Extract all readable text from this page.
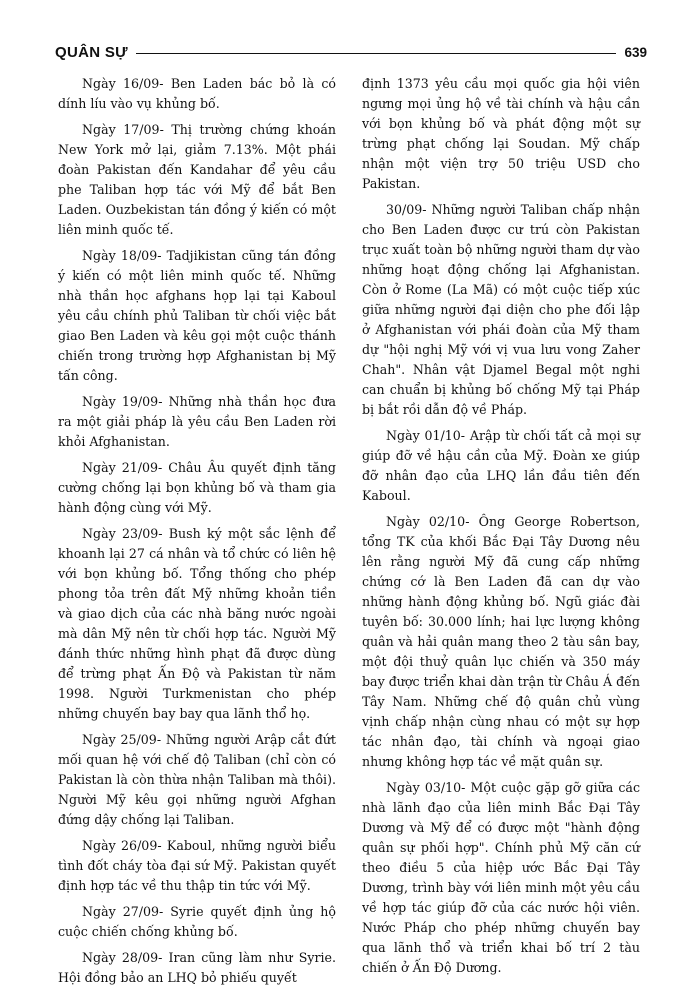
QUÂN SỰ	639

Ngày 16/09- Ben Laden bác bỏ là có dính líu vào vụ khủng bố.

Ngày 17/09- Thị trường chứng khoán New York mở lại, giảm 7.13%. Một phái đoàn Pakistan đến Kandahar để yêu cầu phe Taliban hợp tác với Mỹ để bắt Ben Laden. Ouzbekistan tán đồng ý kiến có một liên minh quốc tế.

Ngày 18/09- Tadjikistan cũng tán đồng ý kiến có một liên minh quốc tế. Những nhà thần học afghans họp lại tại Kaboul yêu cầu chính phủ Taliban từ chối việc bắt giao Ben Laden và kêu gọi một cuộc thánh chiến trong trường hợp Afghanistan bị Mỹ tấn công.

Ngày 19/09- Những nhà thần học đưa ra một giải pháp là yêu cầu Ben Laden rời khỏi Afghanistan.

Ngày 21/09- Châu Âu quyết định tăng cường chống lại bọn khủng bố và tham gia hành động cùng với Mỹ.

Ngày 23/09- Bush ký một sắc lệnh để khoanh lại 27 cá nhân và tổ chức có liên hệ với bọn khủng bố. Tổng thống cho phép phong tỏa trên đất Mỹ những khoản tiền và giao dịch của các nhà băng nước ngoài mà dân Mỹ nên từ chối hợp tác. Người Mỹ đánh thức những hình phạt đã được dùng để trừng phạt Ấn Độ và Pakistan từ năm 1998. Người Turkmenistan cho phép những chuyến bay bay qua lãnh thổ họ.

Ngày 25/09- Những người Arập cắt đứt mối quan hệ với chế độ Taliban (chỉ còn có Pakistan là còn thừa nhận Taliban mà thôi). Người Mỹ kêu gọi những người Afghan đứng dậy chống lại Taliban.

Ngày 26/09- Kaboul, những người biểu tình đốt cháy tòa đại sứ Mỹ. Pakistan quyết định hợp tác về thu thập tin tức với Mỹ.

Ngày 27/09- Syrie quyết định ủng hộ cuộc chiến chống khủng bố.

Ngày 28/09- Iran cũng làm như Syrie. Hội đồng bảo an LHQ bỏ phiếu quyết

định 1373 yêu cầu mọi quốc gia hội viên ngưng mọi ủng hộ về tài chính và hậu cần với bọn khủng bố và phát động một sự trừng phạt chống lại Soudan. Mỹ chấp nhận một viện trợ 50 triệu USD cho Pakistan.

30/09- Những người Taliban chấp nhận cho Ben Laden được cư trú còn Pakistan trục xuất toàn bộ những người tham dự vào những hoạt động chống lại Afghanistan. Còn ở Rome (La Mã) có một cuộc tiếp xúc giữa những người đại diện cho phe đối lập ở Afghanistan với phái đoàn của Mỹ tham dự "hội nghị Mỹ với vị vua lưu vong Zaher Chah". Nhân vật Djamel Begal một nghi can chuẩn bị khủng bố chống Mỹ tại Pháp bị bắt rồi dẫn độ về Pháp.

Ngày 01/10- Arập từ chối tất cả mọi sự giúp đỡ về hậu cần của Mỹ. Đoàn xe giúp đỡ nhân đạo của LHQ lần đầu tiên đến Kaboul.

Ngày 02/10- Ông George Robertson, tổng TK của khối Bắc Đại Tây Dương nêu lên rằng người Mỹ đã cung cấp những chứng cớ là Ben Laden đã can dự vào những hành động khủng bố. Ngũ giác đài tuyên bố: 30.000 lính; hai lực lượng không quân và hải quân mang theo 2 tàu sân bay, một đội thuỷ quân lục chiến và 350 máy bay được triển khai dàn trận từ Châu Á đến Tây Nam. Những chế độ quân chủ vùng vịnh chấp nhận cùng nhau có một sự hợp tác nhân đạo, tài chính và ngoại giao nhưng không hợp tác về mặt quân sự.

Ngày 03/10- Một cuộc gặp gỡ giữa các nhà lãnh đạo của liên minh Bắc Đại Tây Dương và Mỹ để có được một "hành động quân sự phối hợp". Chính phủ Mỹ căn cứ theo điều 5 của hiệp ước Bắc Đại Tây Dương, trình bày với liên minh một yêu cầu về hợp tác giúp đỡ của các nước hội viên. Nước Pháp cho phép những chuyến bay qua lãnh thổ và triển khai bố trí 2 tàu chiến ở Ấn Độ Dương.
